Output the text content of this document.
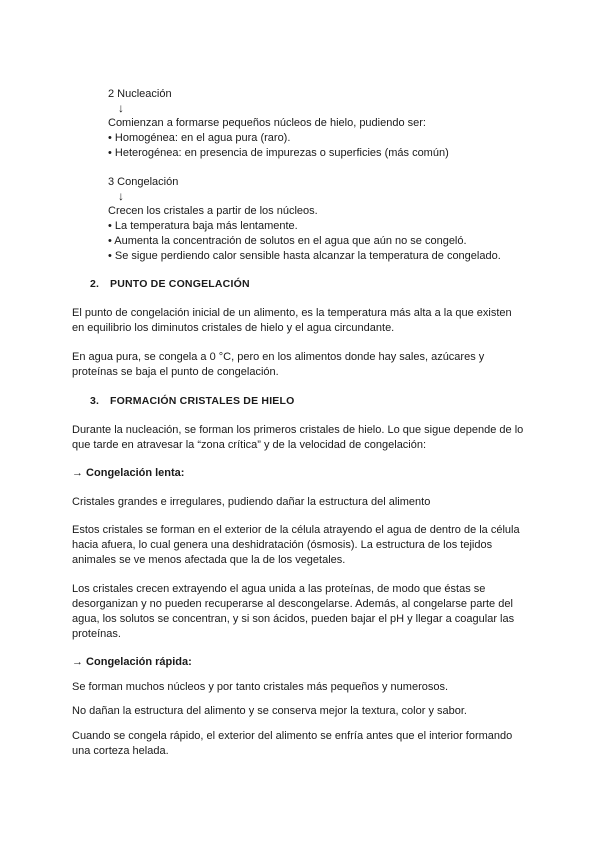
2 Nucleación
↓
Comienzan a formarse pequeños núcleos de hielo, pudiendo ser:
• Homogénea: en el agua pura (raro).
• Heterogénea: en presencia de impurezas o superficies (más común)
3 Congelación
↓
Crecen los cristales a partir de los núcleos.
• La temperatura baja más lentamente.
• Aumenta la concentración de solutos en el agua que aún no se congeló.
• Se sigue perdiendo calor sensible hasta alcanzar la temperatura de congelado.
2. PUNTO DE CONGELACIÓN
El punto de congelación inicial de un alimento, es la temperatura más alta a la que existen
en equilibrio los diminutos cristales de hielo y el agua circundante.
En agua pura, se congela a 0 °C, pero en los alimentos donde hay sales, azúcares y
proteínas se baja el punto de congelación.
3. FORMACIÓN CRISTALES DE HIELO
Durante la nucleación, se forman los primeros cristales de hielo. Lo que sigue depende de lo
que tarde en atravesar la “zona crítica” y de la velocidad de congelación:
→ Congelación lenta:
Cristales grandes e irregulares, pudiendo dañar la estructura del alimento
Estos cristales se forman en el exterior de la célula atrayendo el agua de dentro de la célula
hacia afuera, lo cual genera una deshidratación (ósmosis). La estructura de los tejidos
animales se ve menos afectada que la de los vegetales.
Los cristales crecen extrayendo el agua unida a las proteínas, de modo que éstas se
desorganizan y no pueden recuperarse al descongelarse. Además, al congelarse parte del
agua, los solutos se concentran, y si son ácidos, pueden bajar el pH y llegar a coagular las
proteínas.
→ Congelación rápida:
Se forman muchos núcleos y por tanto cristales más pequeños y numerosos.
No dañan la estructura del alimento y se conserva mejor la textura, color y sabor.
Cuando se congela rápido, el exterior del alimento se enfría antes que el interior formando
una corteza helada.
